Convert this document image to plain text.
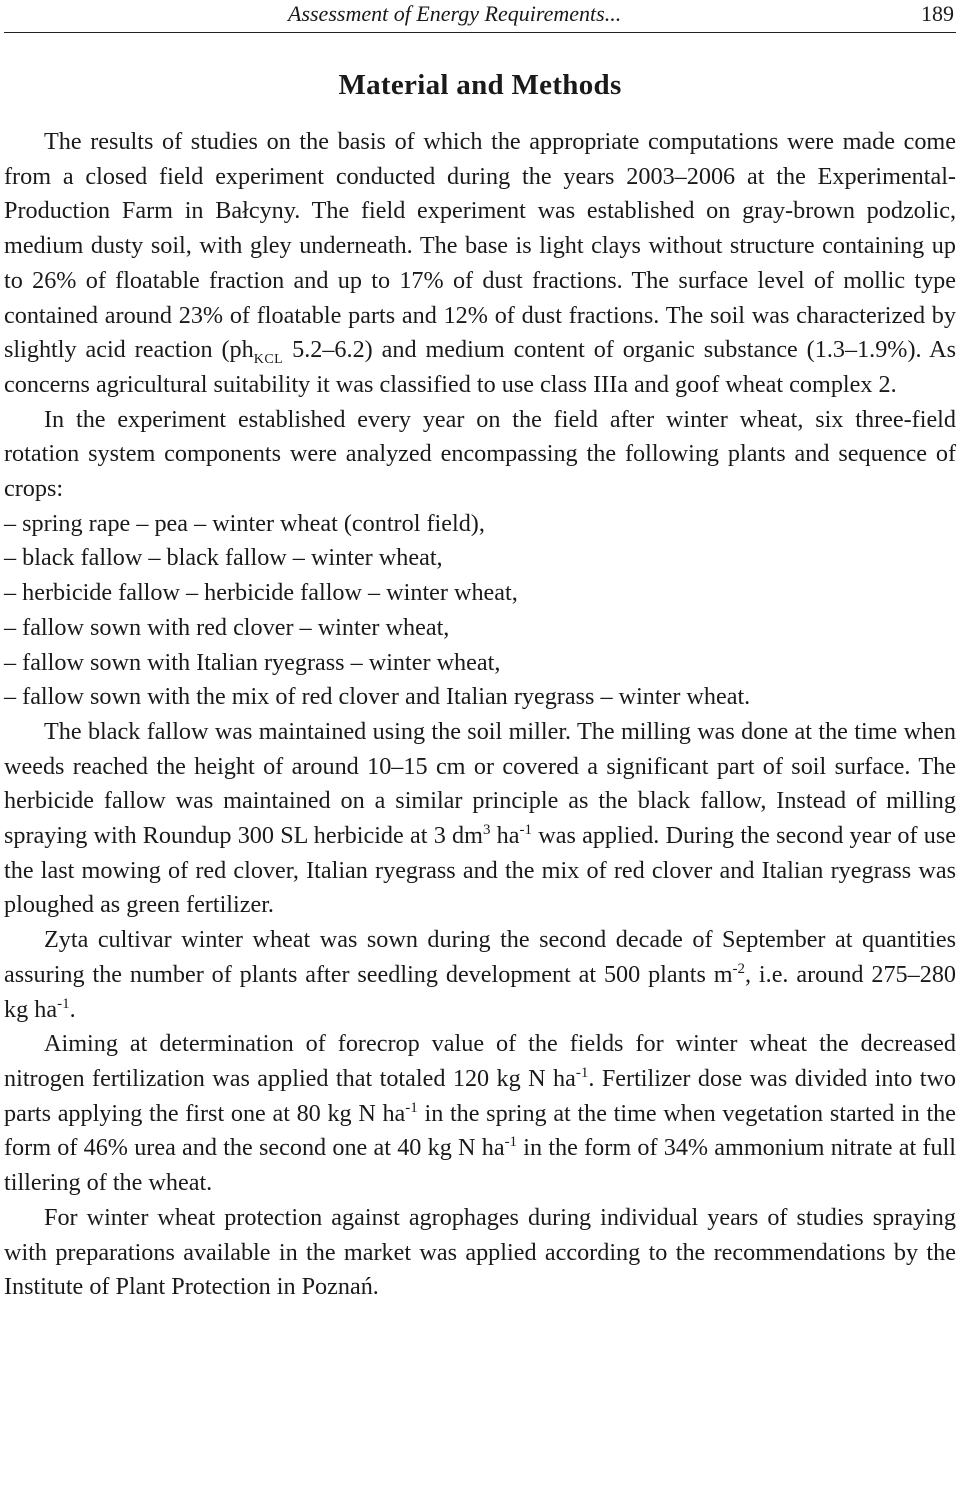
Assessment of Energy Requirements...	189
Material and Methods

The results of studies on the basis of which the appropriate computations were made come from a closed field experiment conducted during the years 2003–2006 at the Experimental-Production Farm in Bałcyny. The field experiment was established on gray-brown podzolic, medium dusty soil, with gley underneath. The base is light clays without structure containing up to 26% of floatable fraction and up to 17% of dust fractions. The surface level of mollic type contained around 23% of floatable parts and 12% of dust fractions. The soil was characterized by slightly acid reaction ($ph_{KCL}$ 5.2–6.2) and medium content of organic substance (1.3–1.9%). As concerns agricultural suitability it was classified to use class IIIa and goof wheat complex 2.

In the experiment established every year on the field after winter wheat, six three-field rotation system components were analyzed encompassing the following plants and sequence of crops:

– spring rape – pea – winter wheat (control field),
– black fallow – black fallow – winter wheat,
– herbicide fallow – herbicide fallow – winter wheat,
– fallow sown with red clover – winter wheat,
– fallow sown with Italian ryegrass – winter wheat,
– fallow sown with the mix of red clover and Italian ryegrass – winter wheat.

The black fallow was maintained using the soil miller. The milling was done at the time when weeds reached the height of around 10–15 cm or covered a significant part of soil surface. The herbicide fallow was maintained on a similar principle as the black fallow, Instead of milling spraying with Roundup 300 SL herbicide at 3 $dm^3$ $ha^{-1}$ was applied. During the second year of use the last mowing of red clover, Italian ryegrass and the mix of red clover and Italian ryegrass was ploughed as green fertilizer.

Zyta cultivar winter wheat was sown during the second decade of September at quantities assuring the number of plants after seedling development at 500 plants $m^{-2}$, i.e. around 275–280 kg $ha^{-1}$.

Aiming at determination of forecrop value of the fields for winter wheat the decreased nitrogen fertilization was applied that totaled 120 kg N $ha^{-1}$. Fertilizer dose was divided into two parts applying the first one at 80 kg N $ha^{-1}$ in the spring at the time when vegetation started in the form of 46% urea and the second one at 40 kg N $ha^{-1}$ in the form of 34% ammonium nitrate at full tillering of the wheat.

For winter wheat protection against agrophages during individual years of studies spraying with preparations available in the market was applied according to the recommendations by the Institute of Plant Protection in Poznań.
